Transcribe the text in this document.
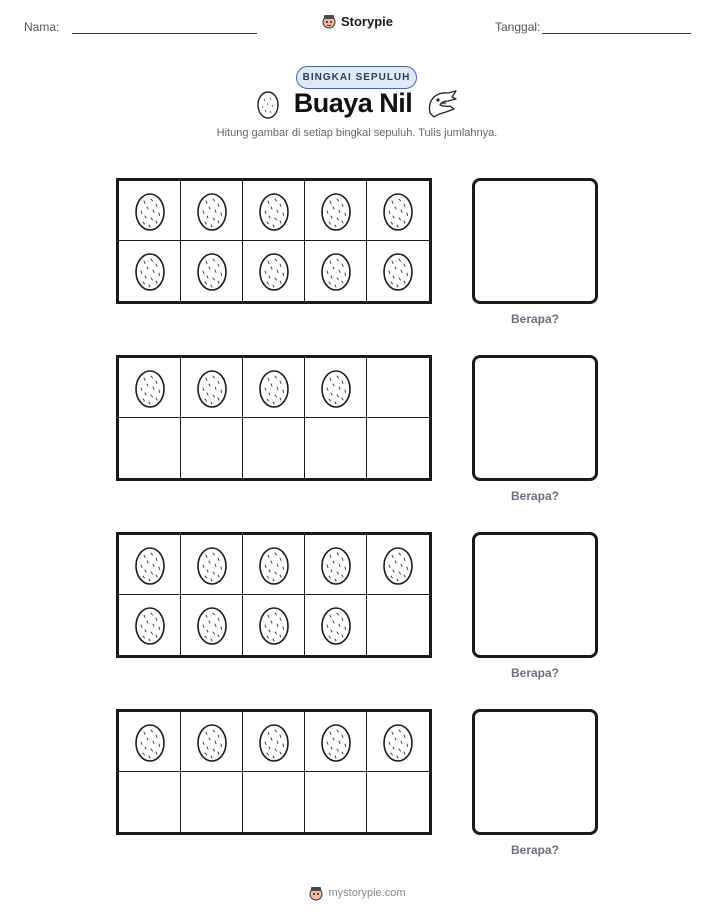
Nama:	Storypie	Tanggal:
BINGKAI SEPULUH
Buaya Nil
Hitung gambar di setiap bingkai sepuluh. Tulis jumlahnya.
Berapa?
Berapa?
Berapa?
Berapa?
mystorypie.com
